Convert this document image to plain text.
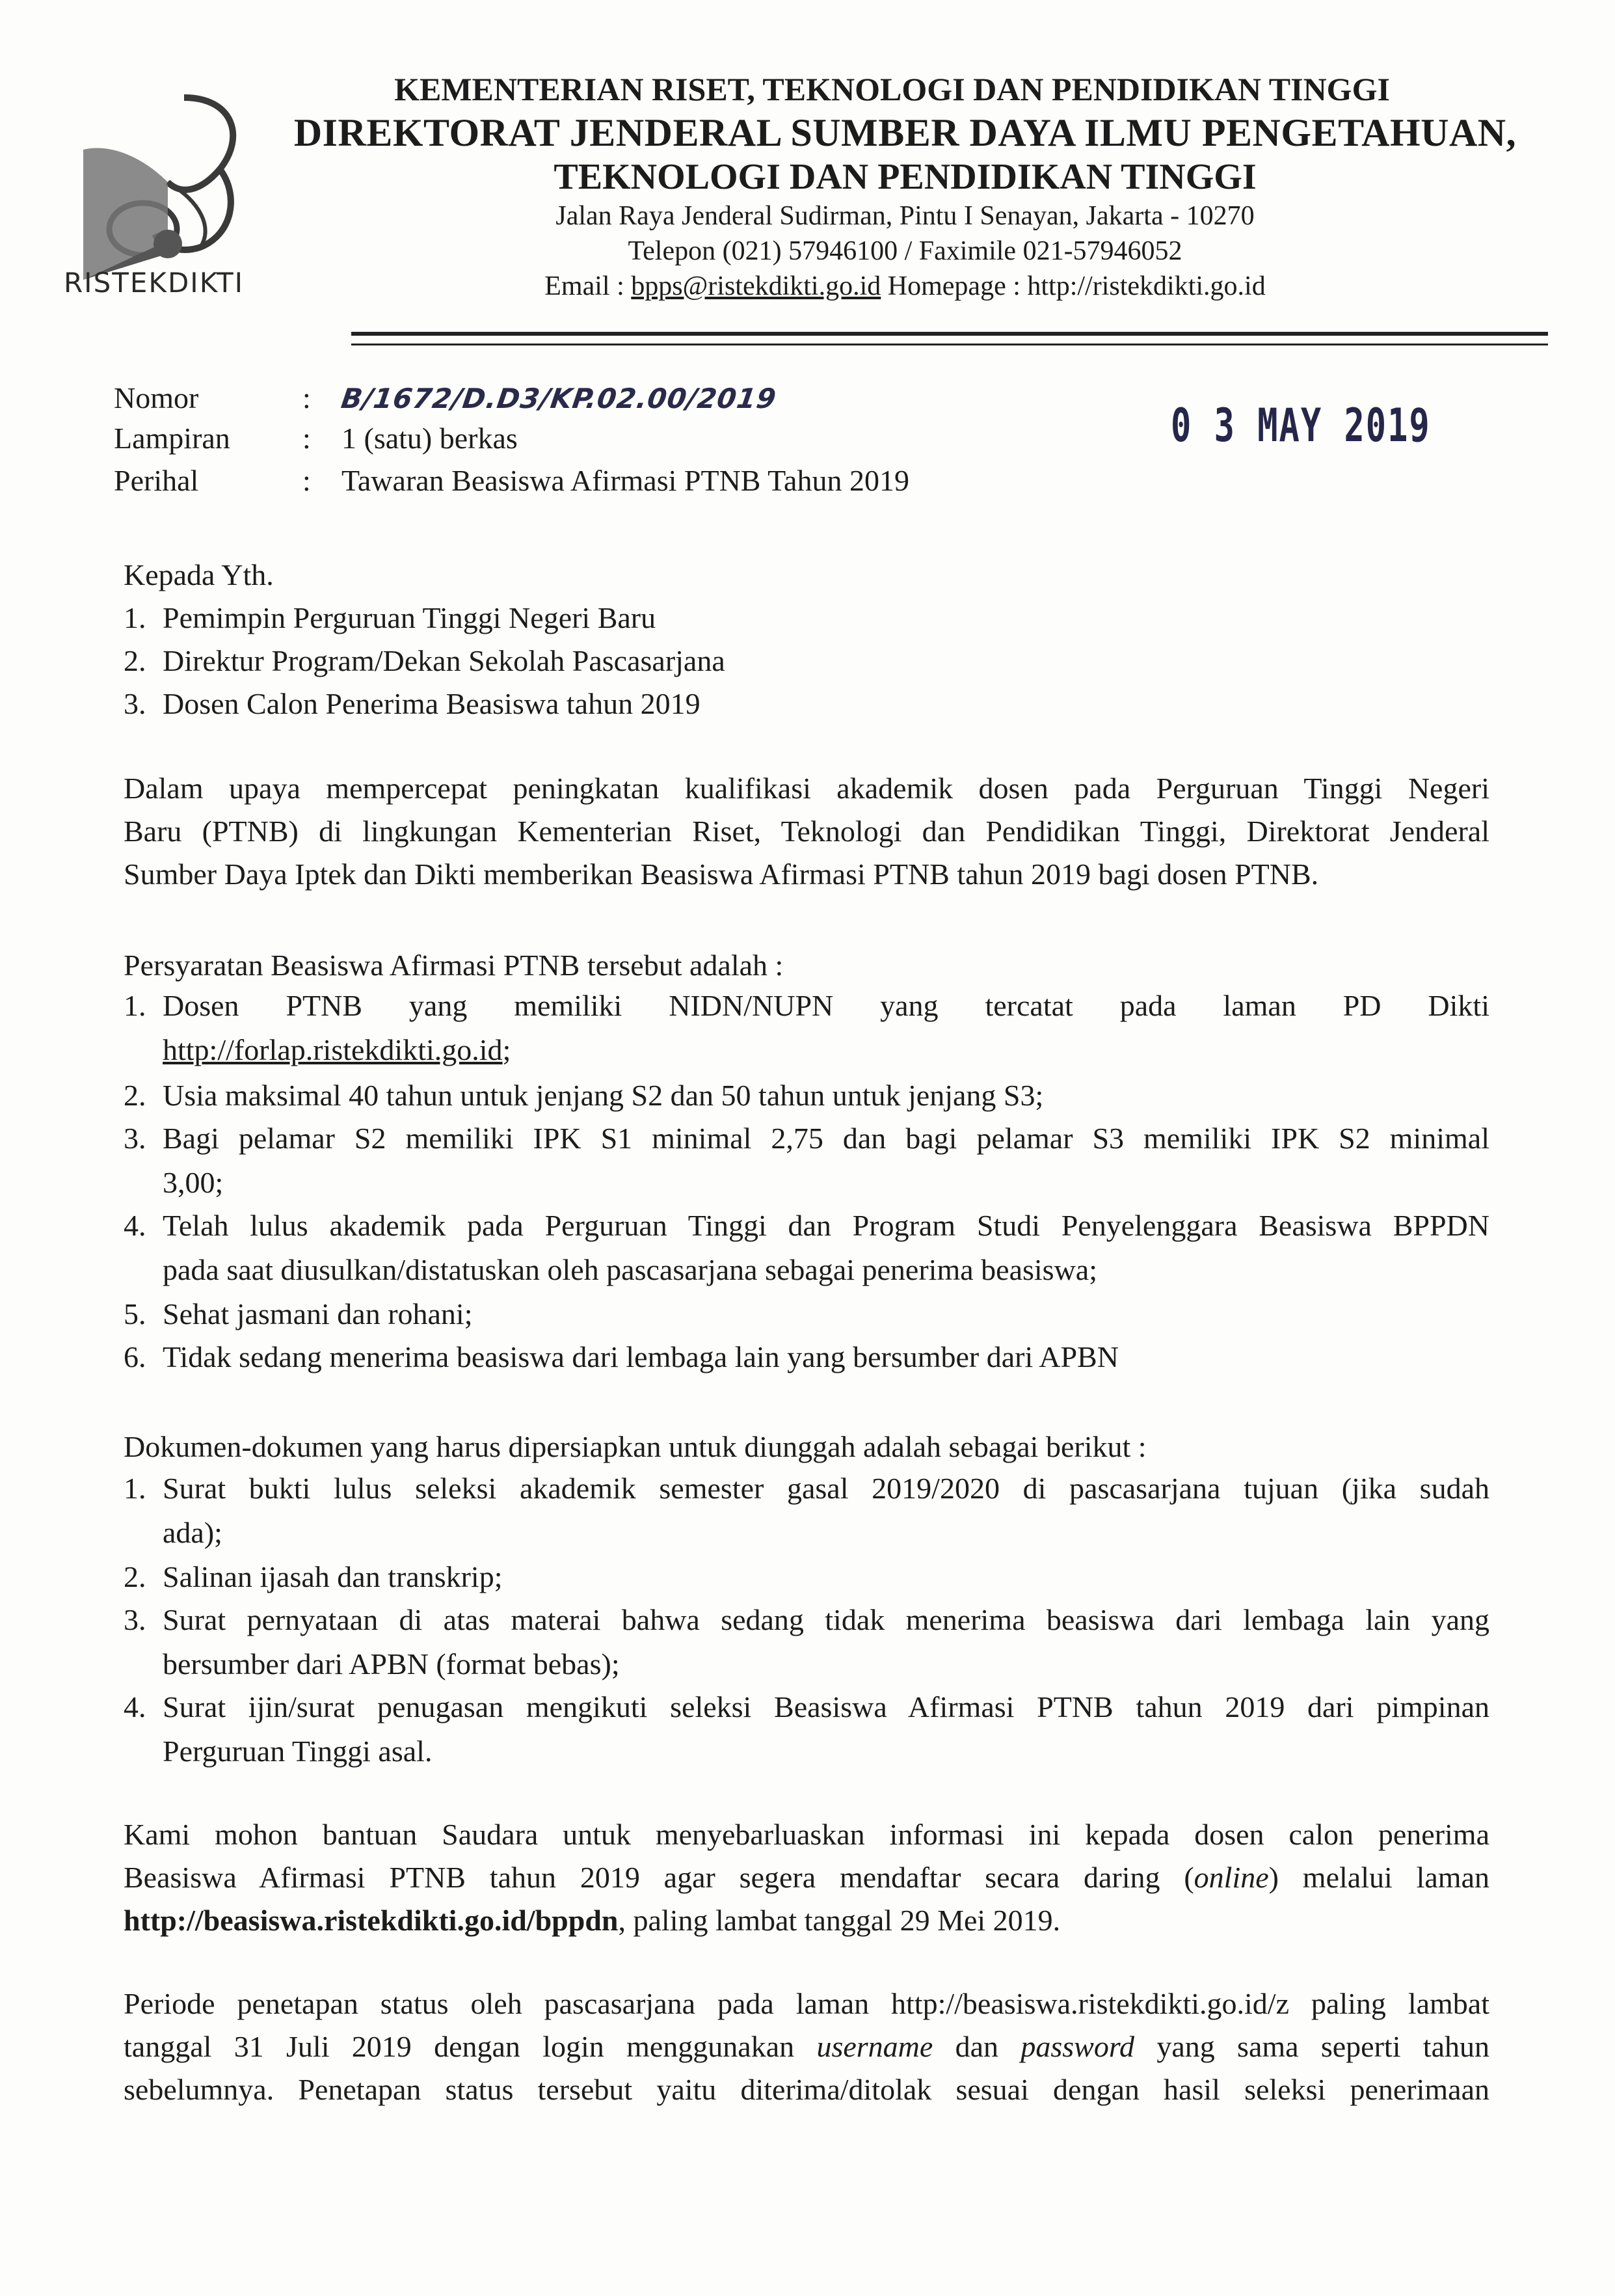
RISTEKDIKTI
KEMENTERIAN RISET, TEKNOLOGI DAN PENDIDIKAN TINGGI
DIREKTORAT JENDERAL SUMBER DAYA ILMU PENGETAHUAN,
TEKNOLOGI DAN PENDIDIKAN TINGGI
Jalan Raya Jenderal Sudirman, Pintu I Senayan, Jakarta - 10270
Telepon (021) 57946100 / Faximile 021-57946052
Email : bpps@ristekdikti.go.id Homepage : http://ristekdikti.go.id
Nomor	: B/1672/D.D3/KP.02.00/2019
Lampiran : 1 (satu) berkas
Perihal	: Tawaran Beasiswa Afirmasi PTNB Tahun 2019
0 3 MAY 2019
Kepada Yth.
1. Pemimpin Perguruan Tinggi Negeri Baru
2. Direktur Program/Dekan Sekolah Pascasarjana
3. Dosen Calon Penerima Beasiswa tahun 2019
Dalam upaya mempercepat peningkatan kualifikasi akademik dosen pada Perguruan Tinggi Negeri
Baru (PTNB) di lingkungan Kementerian Riset, Teknologi dan Pendidikan Tinggi, Direktorat Jenderal
Sumber Daya Iptek dan Dikti memberikan Beasiswa Afirmasi PTNB tahun 2019 bagi dosen PTNB.
Persyaratan Beasiswa Afirmasi PTNB tersebut adalah :
1. Dosen PTNB yang memiliki NIDN/NUPN yang tercatat pada laman PD Dikti
http://forlap.ristekdikti.go.id;
2. Usia maksimal 40 tahun untuk jenjang S2 dan 50 tahun untuk jenjang S3;
3. Bagi pelamar S2 memiliki IPK S1 minimal 2,75 dan bagi pelamar S3 memiliki IPK S2 minimal
3,00;
4. Telah lulus akademik pada Perguruan Tinggi dan Program Studi Penyelenggara Beasiswa BPPDN
pada saat diusulkan/distatuskan oleh pascasarjana sebagai penerima beasiswa;
5. Sehat jasmani dan rohani;
6. Tidak sedang menerima beasiswa dari lembaga lain yang bersumber dari APBN
Dokumen-dokumen yang harus dipersiapkan untuk diunggah adalah sebagai berikut :
1. Surat bukti lulus seleksi akademik semester gasal 2019/2020 di pascasarjana tujuan (jika sudah
ada);
2. Salinan ijasah dan transkrip;
3. Surat pernyataan di atas materai bahwa sedang tidak menerima beasiswa dari lembaga lain yang
bersumber dari APBN (format bebas);
4. Surat ijin/surat penugasan mengikuti seleksi Beasiswa Afirmasi PTNB tahun 2019 dari pimpinan
Perguruan Tinggi asal.
Kami mohon bantuan Saudara untuk menyebarluaskan informasi ini kepada dosen calon penerima
Beasiswa Afirmasi PTNB tahun 2019 agar segera mendaftar secara daring (online) melalui laman
http://beasiswa.ristekdikti.go.id/bppdn, paling lambat tanggal 29 Mei 2019.
Periode penetapan status oleh pascasarjana pada laman http://beasiswa.ristekdikti.go.id/z paling lambat
tanggal 31 Juli 2019 dengan login menggunakan username dan password yang sama seperti tahun
sebelumnya. Penetapan status tersebut yaitu diterima/ditolak sesuai dengan hasil seleksi penerimaan
